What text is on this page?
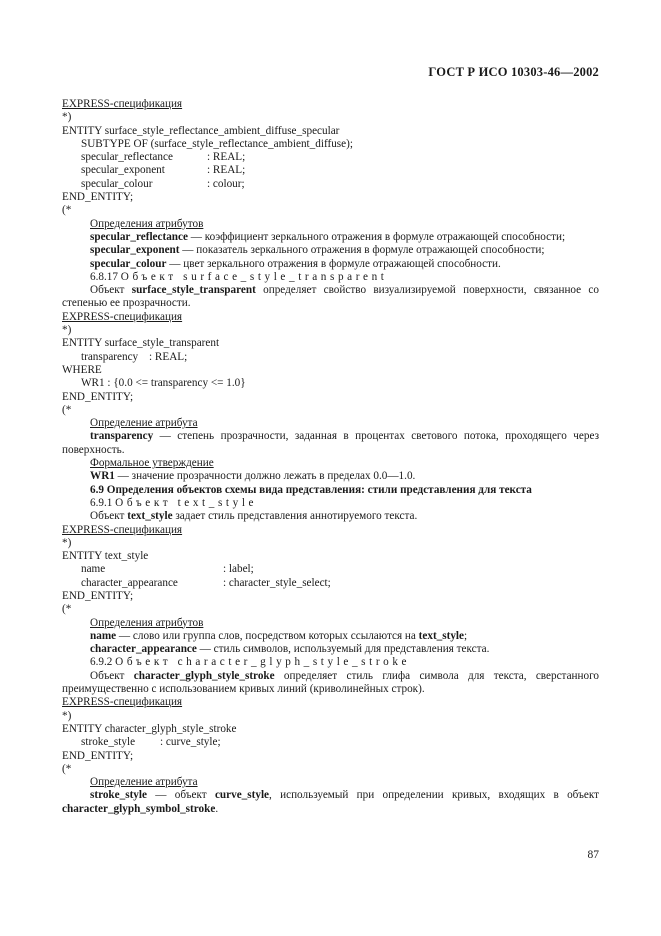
ГОСТ Р ИСО 10303-46—2002
EXPRESS-спецификация
*)
ENTITY surface_style_reflectance_ambient_diffuse_specular
SUBTYPE OF (surface_style_reflectance_ambient_diffuse);
specular_reflectance	: REAL;
specular_exponent	: REAL;
specular_colour	: colour;
END_ENTITY;
(*
Определения атрибутов
specular_reflectance — коэффициент зеркального отражения в формуле отражающей способности;
specular_exponent — показатель зеркального отражения в формуле отражающей способности;
specular_colour — цвет зеркального отражения в формуле отражающей способности.
6.8.17 Объект surface_style_transparent
Объект surface_style_transparent определяет свойство визуализируемой поверхности, связанное со степенью ее прозрачности.
EXPRESS-спецификация
*)
ENTITY surface_style_transparent
transparency : REAL;
WHERE
WR1 : {0.0 <= transparency <= 1.0}
END_ENTITY;
(*
Определение атрибута
transparency — степень прозрачности, заданная в процентах светового потока, проходящего через поверхность.
Формальное утверждение
WR1 — значение прозрачности должно лежать в пределах 0.0—1.0.
6.9 Определения объектов схемы вида представления: стили представления для текста
6.9.1 Объект text_style
Объект text_style задает стиль представления аннотируемого текста.
EXPRESS-спецификация
*)
ENTITY text_style
name	: label;
character_appearance	: character_style_select;
END_ENTITY;
(*
Определения атрибутов
name — слово или группа слов, посредством которых ссылаются на text_style;
character_appearance — стиль символов, используемый для представления текста.
6.9.2 Объект character_glyph_style_stroke
Объект character_glyph_style_stroke определяет стиль глифа символа для текста, сверстанного преимущественно с использованием кривых линий (криволинейных строк).
EXPRESS-спецификация
*)
ENTITY character_glyph_style_stroke
stroke_style : curve_style;
END_ENTITY;
(*
Определение атрибута
stroke_style — объект curve_style, используемый при определении кривых, входящих в объект character_glyph_symbol_stroke.
87
